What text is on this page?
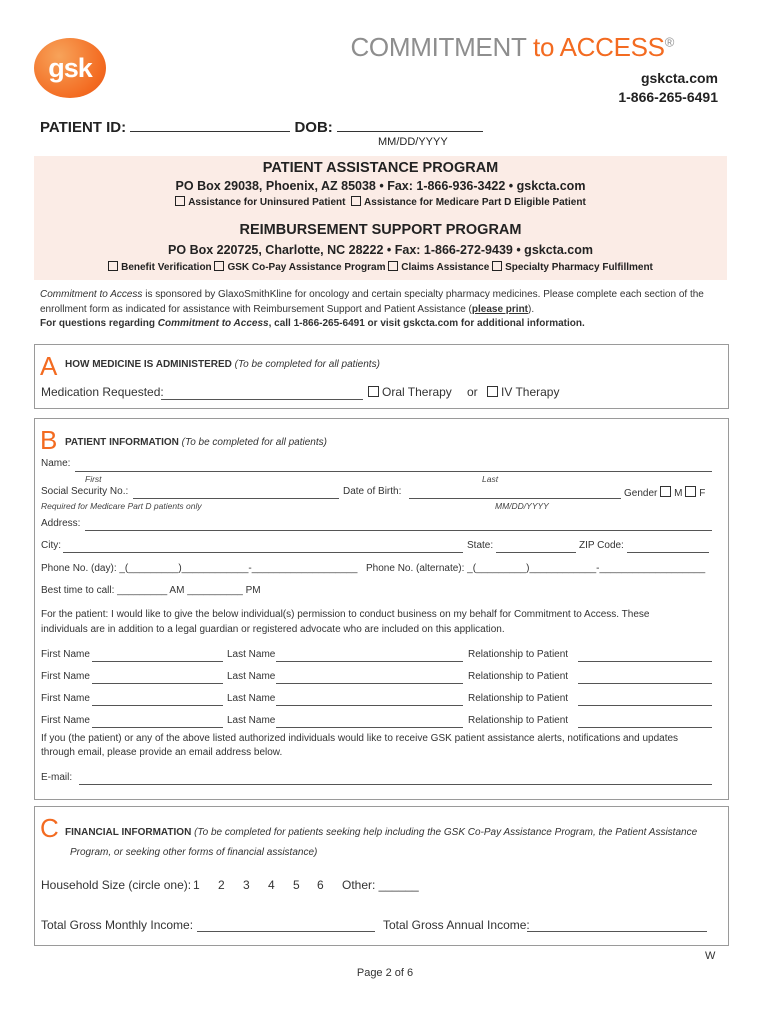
gsk
COMMITMENT to ACCESS®
gskcta.com
1-866-265-6491
PATIENT ID:	DOB:
MM/DD/YYYY
PATIENT ASSISTANCE PROGRAM
PO Box 29038, Phoenix, AZ 85038 • Fax: 1-866-936-3422 • gskcta.com
Assistance for Uninsured Patient Assistance for Medicare Part D Eligible Patient
REIMBURSEMENT SUPPORT PROGRAM
PO Box 220725, Charlotte, NC 28222 • Fax: 1-866-272-9439 • gskcta.com
Benefit Verification GSK Co-Pay Assistance Program Claims Assistance Specialty Pharmacy Fulfillment
Commitment to Access is sponsored by GlaxoSmithKline for oncology and certain specialty pharmacy medicines. Please complete each section of the
enrollment form as indicated for assistance with Reimbursement Support and Patient Assistance (please print).
For questions regarding Commitment to Access, call 1-866-265-6491 or visit gskcta.com for additional information.
A HOW MEDICINE IS ADMINISTERED (To be completed for all patients)
Medication Requested:	Oral Therapy or	IV Therapy
B PATIENT INFORMATION (To be completed for all patients)
Name:
First	Last
Social Security No.:	Date of Birth:	Gender M F
Required for Medicare Part D patients only	MM/DD/YYYY
Address:
City:	State:	ZIP Code:
Phone No. (day): _(_________)____________-___________________ Phone No. (alternate): _(_________)____________-___________________
Best time to call: _________ AM __________ PM
For the patient: I would like to give the below individual(s) permission to conduct business on my behalf for Commitment to Access. These
individuals are in addition to a legal guardian or registered advocate who are included on this application.
First Name	Last Name	Relationship to Patient
First Name	Last Name	Relationship to Patient
First Name	Last Name	Relationship to Patient
First Name	Last Name	Relationship to Patient
If you (the patient) or any of the above listed authorized individuals would like to receive GSK patient assistance alerts, notifications and updates
through email, please provide an email address below.
E-mail:
C FINANCIAL INFORMATION (To be completed for patients seeking help including the GSK Co-Pay Assistance Program, the Patient Assistance
Program, or seeking other forms of financial assistance)
Household Size (circle one): 1 2 3 4 5 6 Other: ______
Total Gross Monthly Income:	Total Gross Annual Income:
W
Page 2 of 6
